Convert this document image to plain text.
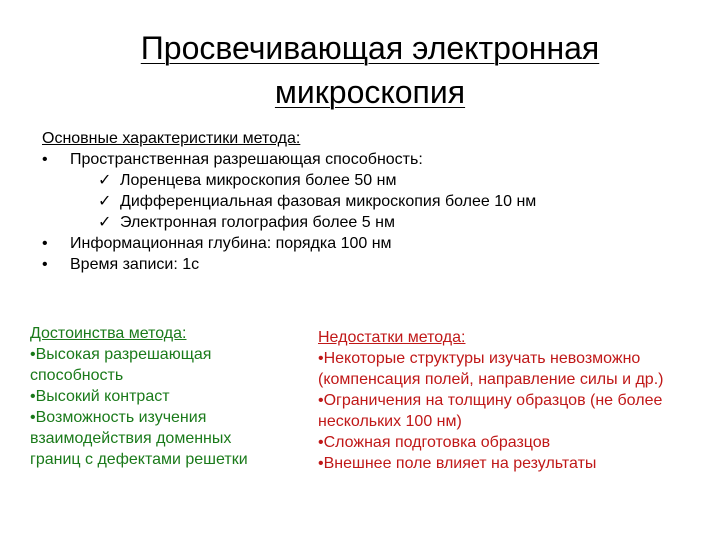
Просвечивающая электронная микроскопия
Основные характеристики метода:
• Пространственная разрешающая способность:
✓ Лоренцева микроскопия более 50 нм
✓ Дифференциальная фазовая микроскопия более 10 нм
✓ Электронная голография более 5 нм
• Информационная глубина: порядка 100 нм
• Время записи: 1с
Достоинства метода:
•Высокая разрешающая способность
•Высокий контраст
•Возможность изучения взаимодействия доменных границ с дефектами решетки
Недостатки метода:
•Некоторые структуры изучать невозможно (компенсация полей, направление силы и др.)
•Ограничения на толщину образцов (не более нескольких 100 нм)
•Сложная подготовка образцов
•Внешнее поле влияет на результаты
